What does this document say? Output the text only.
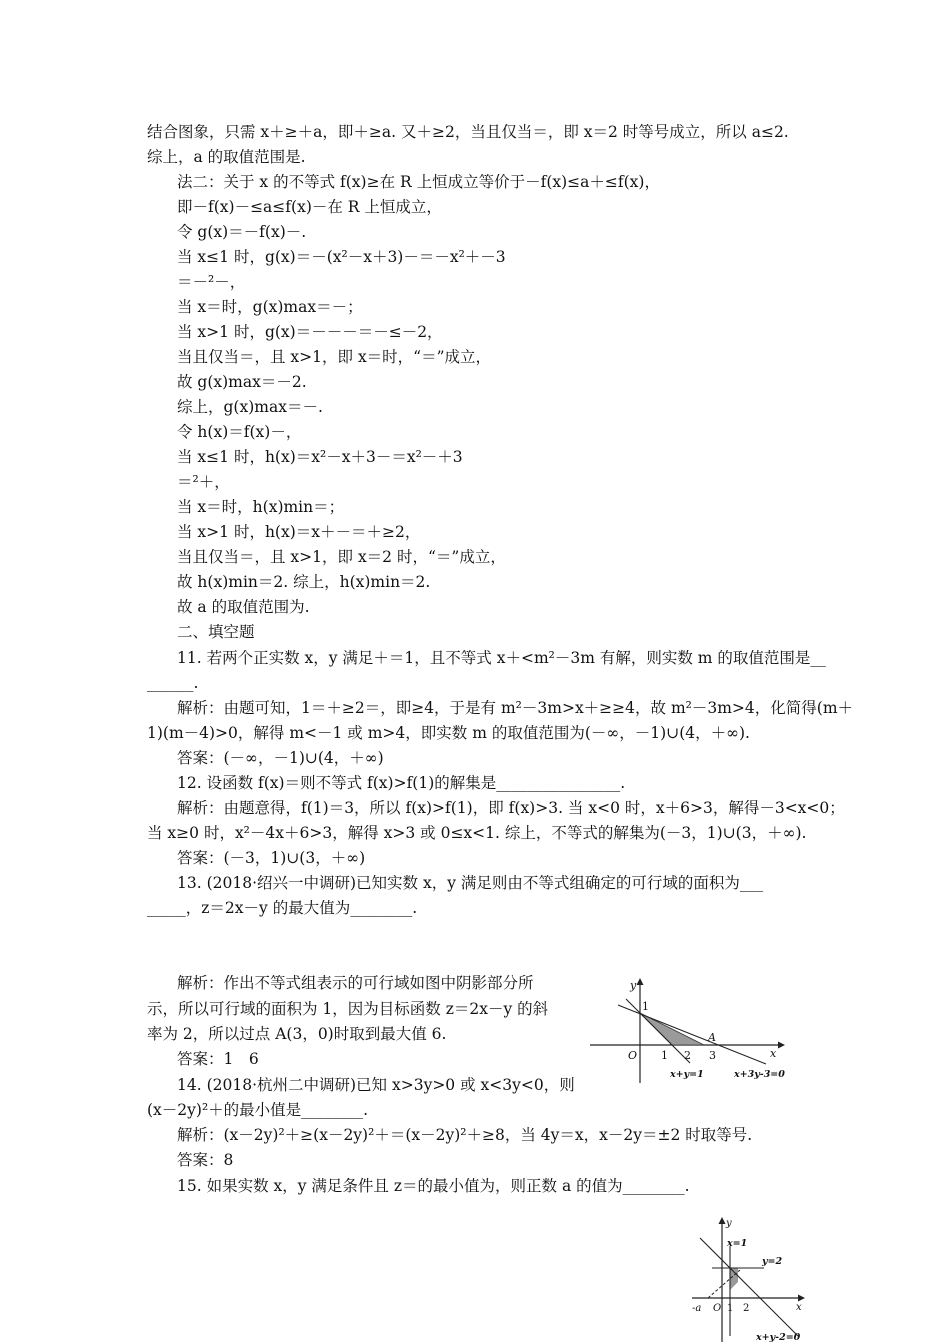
结合图象，只需 x＋≥＋a，即＋≥a. 又＋≥2，当且仅当＝，即 x＝2 时等号成立，所以 a≤2.
综上，a 的取值范围是.
法二：关于 x 的不等式 f(x)≥在 R 上恒成立等价于－f(x)≤a＋≤f(x)，
即－f(x)－≤a≤f(x)－在 R 上恒成立，
令 g(x)＝－f(x)－.
当 x≤1 时，g(x)＝－(x²－x＋3)－＝－x²＋－3
＝－²－，
当 x＝时，g(x)max＝－；
当 x>1 时，g(x)＝－－－＝－≤－2，
当且仅当＝，且 x>1，即 x＝时，“＝”成立，
故 g(x)max＝－2.
综上，g(x)max＝－.
令 h(x)＝f(x)－，
当 x≤1 时，h(x)＝x²－x＋3－＝x²－＋3
＝²＋，
当 x＝时，h(x)min＝；
当 x>1 时，h(x)＝x＋－＝＋≥2，
当且仅当＝，且 x>1，即 x＝2 时，“＝”成立，
故 h(x)min＝2. 综上，h(x)min＝2.
故 a 的取值范围为.
二、填空题
11. 若两个正实数 x，y 满足＋＝1，且不等式 x＋<m²－3m 有解，则实数 m 的取值范围是__
______.
解析：由题可知，1＝＋≥2＝，即≥4，于是有 m²－3m>x＋≥≥4，故 m²－3m>4，化简得(m＋
1)(m－4)>0，解得 m<－1 或 m>4，即实数 m 的取值范围为(－∞，－1)∪(4，＋∞).
答案：(－∞，－1)∪(4，＋∞)
12. 设函数 f(x)＝则不等式 f(x)>f(1)的解集是________________.
解析：由题意得，f(1)＝3，所以 f(x)>f(1)，即 f(x)>3. 当 x<0 时，x＋6>3，解得－3<x<0；
当 x≥0 时，x²－4x＋6>3，解得 x>3 或 0≤x<1. 综上，不等式的解集为(－3，1)∪(3，＋∞).
答案：(－3，1)∪(3，＋∞)
13. (2018·绍兴一中调研)已知实数 x，y 满足则由不等式组确定的可行域的面积为___
_____，z＝2x－y 的最大值为________.
解析：作出不等式组表示的可行域如图中阴影部分所
示，所以可行域的面积为 1，因为目标函数 z＝2x－y 的斜
率为 2，所以过点 A(3，0)时取到最大值 6.
答案：1　6
14. (2018·杭州二中调研)已知 x>3y>0 或 x<3y<0，则
(x－2y)²＋的最小值是________.
解析：(x－2y)²＋≥(x－2y)²＋＝(x－2y)²＋≥8，当 4y＝x，x－2y＝±2 时取等号.
答案：8
15. 如果实数 x，y 满足条件且 z＝的最小值为，则正数 a 的值为________.
y
1
O 1 2
A
3	x
x+y=1	x+3y-3=0
y
x=1
y=2
-a O 1 2	x
x+y-2=0
